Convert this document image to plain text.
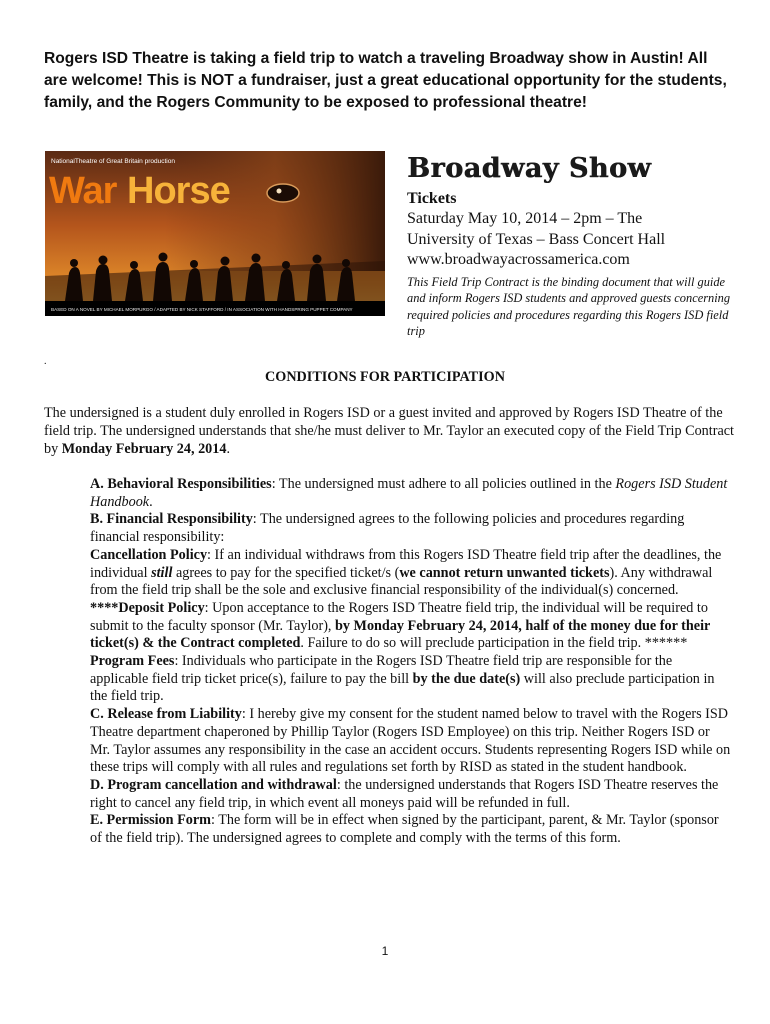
Rogers ISD Theatre is taking a field trip to watch a traveling Broadway show in Austin! All are welcome! This is NOT a fundraiser, just a great educational opportunity for the students, family, and the Rogers Community to be exposed to professional theatre!

NationalTheatre of Great Britain production
War Horse
BASED ON A NOVEL BY MICHAEL MORPURGO / ADAPTED BY NICK STAFFORD / IN ASSOCIATION WITH HANDSPRING PUPPET COMPANY
Broadway Show
Tickets
Saturday May 10, 2014 – 2pm – The
University of Texas – Bass Concert Hall
www.broadwayacrossamerica.com
This Field Trip Contract is the binding document that will guide and inform Rogers ISD students and approved guests concerning required policies and procedures regarding this Rogers ISD field trip
.

CONDITIONS FOR PARTICIPATION

The undersigned is a student duly enrolled in Rogers ISD or a guest invited and approved by Rogers ISD Theatre of the field trip. The undersigned understands that she/he must deliver to Mr. Taylor an executed copy of the Field Trip Contract by Monday February 24, 2014.

A. Behavioral Responsibilities: The undersigned must adhere to all policies outlined in the Rogers ISD Student Handbook.

B. Financial Responsibility: The undersigned agrees to the following policies and procedures regarding financial responsibility:

Cancellation Policy: If an individual withdraws from this Rogers ISD Theatre field trip after the deadlines, the individual still agrees to pay for the specified ticket/s (we cannot return unwanted tickets). Any withdrawal from the field trip shall be the sole and exclusive financial responsibility of the individual(s) concerned.

****Deposit Policy: Upon acceptance to the Rogers ISD Theatre field trip, the individual will be required to submit to the faculty sponsor (Mr. Taylor), by Monday February 24, 2014, half of the money due for their ticket(s) & the Contract completed. Failure to do so will preclude participation in the field trip. ******

Program Fees: Individuals who participate in the Rogers ISD Theatre field trip are responsible for the applicable field trip ticket price(s), failure to pay the bill by the due date(s) will also preclude participation in the field trip.

C. Release from Liability: I hereby give my consent for the student named below to travel with the Rogers ISD Theatre department chaperoned by Phillip Taylor (Rogers ISD Employee) on this trip. Neither Rogers ISD or Mr. Taylor assumes any responsibility in the case an accident occurs. Students representing Rogers ISD while on these trips will comply with all rules and regulations set forth by RISD as stated in the student handbook.

D. Program cancellation and withdrawal: the undersigned understands that Rogers ISD Theatre reserves the right to cancel any field trip, in which event all moneys paid will be refunded in full.

E. Permission Form: The form will be in effect when signed by the participant, parent, & Mr. Taylor (sponsor of the field trip). The undersigned agrees to complete and comply with the terms of this form.

1
